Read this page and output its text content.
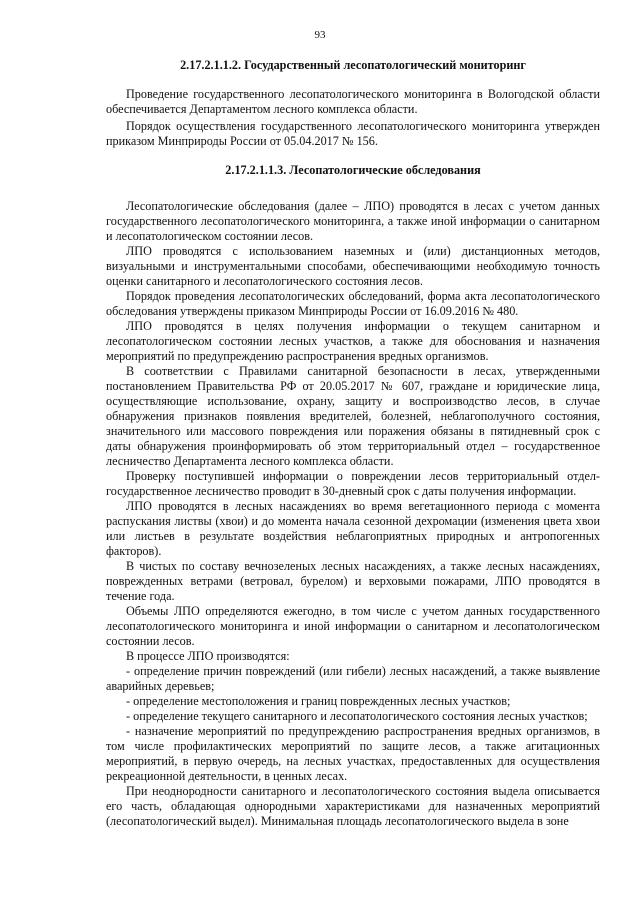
93
2.17.2.1.1.2. Государственный лесопатологический мониторинг

Проведение государственного лесопатологического мониторинга в Вологодской области обеспечивается Департаментом лесного комплекса области.

Порядок осуществления государственного лесопатологического мониторинга утвержден приказом Минприроды России от 05.04.2017 № 156.

2.17.2.1.1.3. Лесопатологические обследования

Лесопатологические обследования (далее – ЛПО) проводятся в лесах с учетом данных государственного лесопатологического мониторинга, а также иной информации о санитарном и лесопатологическом состоянии лесов.

ЛПО проводятся с использованием наземных и (или) дистанционных методов, визуальными и инструментальными способами, обеспечивающими необходимую точность оценки санитарного и лесопатологического состояния лесов.

Порядок проведения лесопатологических обследований, форма акта лесопатологического обследования утверждены приказом Минприроды России от 16.09.2016 № 480.

ЛПО проводятся в целях получения информации о текущем санитарном и лесопатологическом состоянии лесных участков, а также для обоснования и назначения мероприятий по предупреждению распространения вредных организмов.

В соответствии с Правилами санитарной безопасности в лесах, утвержденными постановлением Правительства РФ от 20.05.2017 № 607, граждане и юридические лица, осуществляющие использование, охрану, защиту и воспроизводство лесов, в случае обнаружения признаков появления вредителей, болезней, неблагополучного состояния, значительного или массового повреждения или поражения обязаны в пятидневный срок с даты обнаружения проинформировать об этом территориальный отдел – государственное лесничество Департамента леcного комплекса области.

Проверку поступившей информации о повреждении лесов территориальный отдел-государственное лесничество проводит в 30-дневный срок с даты получения информации.

ЛПО проводятся в лесных насаждениях во время вегетационного периода с момента распускания листвы (хвои) и до момента начала сезонной дехромации (изменения цвета хвои или листьев в результате воздействия неблагоприятных природных и антропогенных факторов).

В чистых по составу вечнозеленых лесных насаждениях, а также лесных насаждениях, поврежденных ветрами (ветровал, бурелом) и верховыми пожарами, ЛПО проводятся в течение года.

Объемы ЛПО определяются ежегодно, в том числе с учетом данных государственного лесопатологического мониторинга и иной информации о санитарном и лесопатологическом состоянии лесов.

В процессе ЛПО производятся:

- определение причин повреждений (или гибели) лесных насаждений, а также выявление аварийных деревьев;

- определение местоположения и границ поврежденных лесных участков;

- определение текущего санитарного и лесопатологического состояния лесных участков;

- назначение мероприятий по предупреждению распространения вредных организмов, в том числе профилактических мероприятий по защите лесов, а также агитационных мероприятий, в первую очередь, на лесных участках, предоставленных для осуществления рекреационной деятельности, в ценных лесах.

При неоднородности санитарного и лесопатологического состояния выдела описывается его часть, обладающая однородными характеристиками для назначенных мероприятий (лесопатологический выдел). Минимальная площадь лесопатологического выдела в зоне
